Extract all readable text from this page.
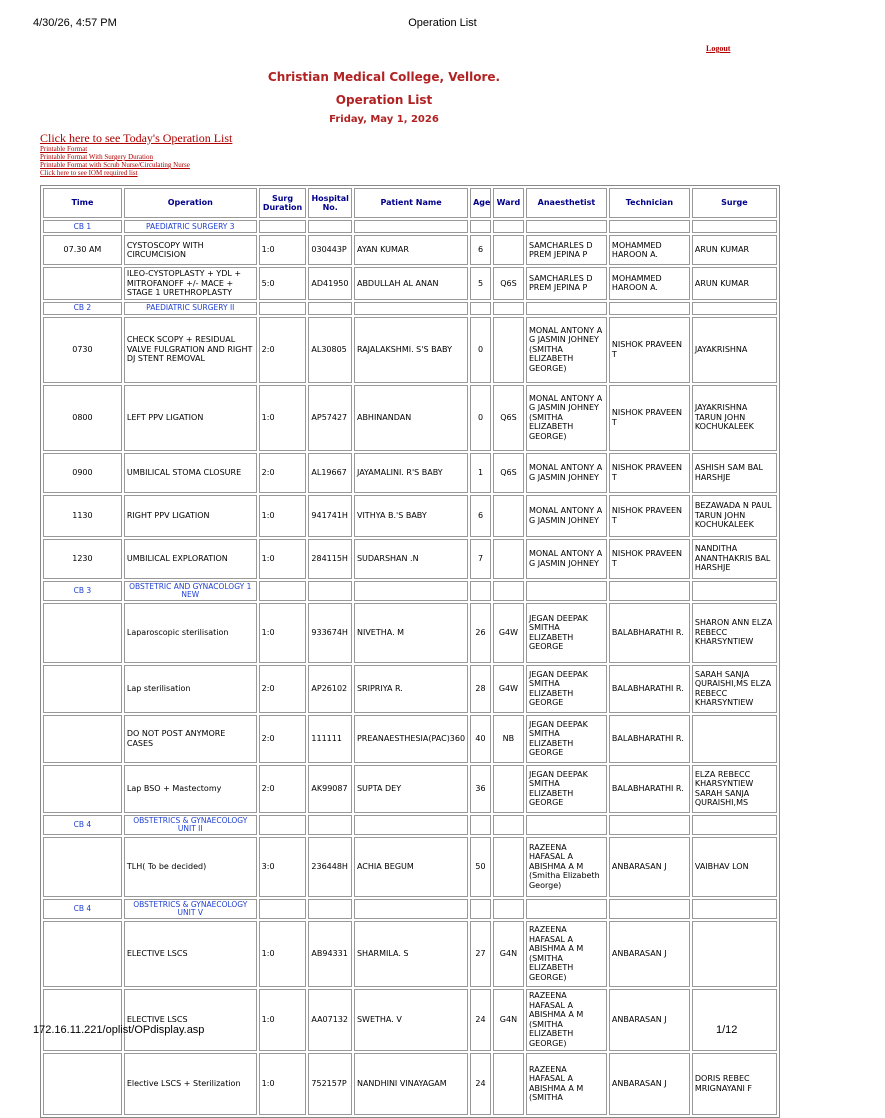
4/30/26, 4:57 PM	Operation List
Logout
Christian Medical College, Vellore.
Operation List
Friday, May 1, 2026
Click here to see Today's Operation List
Printable Format
Printable Format With Surgery Duration
Printable Format with Scrub Nurse/Circulating Nurse
Click here to see IOM required list
Time	Operation	Surg Duration	Hospital No.	Patient Name	Age	Ward	Anaesthetist	Technician	Surge
CB 1	PAEDIATRIC SURGERY 3								
07.30 AM	CYSTOSCOPY WITH CIRCUMCISION	1:0	030443P	AYAN KUMAR	6		SAMCHARLES D PREM JEPINA P	MOHAMMED HAROON A.	ARUN KUMAR
	ILEO-CYSTOPLASTY + YDL + MITROFANOFF +/- MACE + STAGE 1 URETHROPLASTY	5:0	AD41950	ABDULLAH AL ANAN	5	Q6S	SAMCHARLES D PREM JEPINA P	MOHAMMED HAROON A.	ARUN KUMAR
CB 2	PAEDIATRIC SURGERY II								
0730	CHECK SCOPY + RESIDUAL VALVE FULGRATION AND RIGHT DJ STENT REMOVAL	2:0	AL30805	RAJALAKSHMI. S'S BABY	0		MONAL ANTONY A G JASMIN JOHNEY (SMITHA ELIZABETH GEORGE)	NISHOK PRAVEEN T	JAYAKRISHNA
0800	LEFT PPV LIGATION	1:0	AP57427	ABHINANDAN	0	Q6S	MONAL ANTONY A G JASMIN JOHNEY (SMITHA ELIZABETH GEORGE)	NISHOK PRAVEEN T	JAYAKRISHNA TARUN JOHN KOCHUKALEEK
0900	UMBILICAL STOMA CLOSURE	2:0	AL19667	JAYAMALINI. R'S BABY	1	Q6S	MONAL ANTONY A G JASMIN JOHNEY	NISHOK PRAVEEN T	ASHISH SAM BAL HARSHJE
1130	RIGHT PPV LIGATION	1:0	941741H	VITHYA B.'S BABY	6		MONAL ANTONY A G JASMIN JOHNEY	NISHOK PRAVEEN T	BEZAWADA N PAUL TARUN JOHN KOCHUKALEEK
1230	UMBILICAL EXPLORATION	1:0	284115H	SUDARSHAN .N	7		MONAL ANTONY A G JASMIN JOHNEY	NISHOK PRAVEEN T	NANDITHA ANANTHAKRIS BAL HARSHJE
CB 3	OBSTETRIC AND GYNACOLOGY 1 NEW								
	Laparoscopic sterilisation	1:0	933674H	NIVETHA. M	26	G4W	JEGAN DEEPAK SMITHA ELIZABETH GEORGE	BALABHARATHI R.	SHARON ANN ELZA REBECC KHARSYNTIEW
	Lap sterilisation	2:0	AP26102	SRIPRIYA R.	28	G4W	JEGAN DEEPAK SMITHA ELIZABETH GEORGE	BALABHARATHI R.	SARAH SANJA QURAISHI,MS ELZA REBECC KHARSYNTIEW
	DO NOT POST ANYMORE CASES	2:0	111111	PREANAESTHESIA(PAC)360	40	NB	JEGAN DEEPAK SMITHA ELIZABETH GEORGE	BALABHARATHI R.	
	Lap BSO + Mastectomy	2:0	AK99087	SUPTA DEY	36		JEGAN DEEPAK SMITHA ELIZABETH GEORGE	BALABHARATHI R.	ELZA REBECC KHARSYNTIEW SARAH SANJA QURAISHI,MS
CB 4	OBSTETRICS & GYNAECOLOGY UNIT II								
	TLH( To be decided)	3:0	236448H	ACHIA BEGUM	50		RAZEENA HAFASAL A ABISHMA A M (Smitha Elizabeth George)	ANBARASAN J	VAIBHAV LON
CB 4	OBSTETRICS & GYNAECOLOGY UNIT V								
	ELECTIVE LSCS	1:0	AB94331	SHARMILA. S	27	G4N	RAZEENA HAFASAL A ABISHMA A M (SMITHA ELIZABETH GEORGE)	ANBARASAN J	
	ELECTIVE LSCS	1:0	AA07132	SWETHA. V	24	G4N	RAZEENA HAFASAL A ABISHMA A M (SMITHA ELIZABETH GEORGE)	ANBARASAN J	
	Elective LSCS + Sterilization	1:0	752157P	NANDHINI VINAYAGAM	24		RAZEENA HAFASAL A ABISHMA A M (SMITHA	ANBARASAN J	DORIS REBEC MRIGNAYANI F
172.16.11.221/oplist/OPdisplay.asp	1/12
